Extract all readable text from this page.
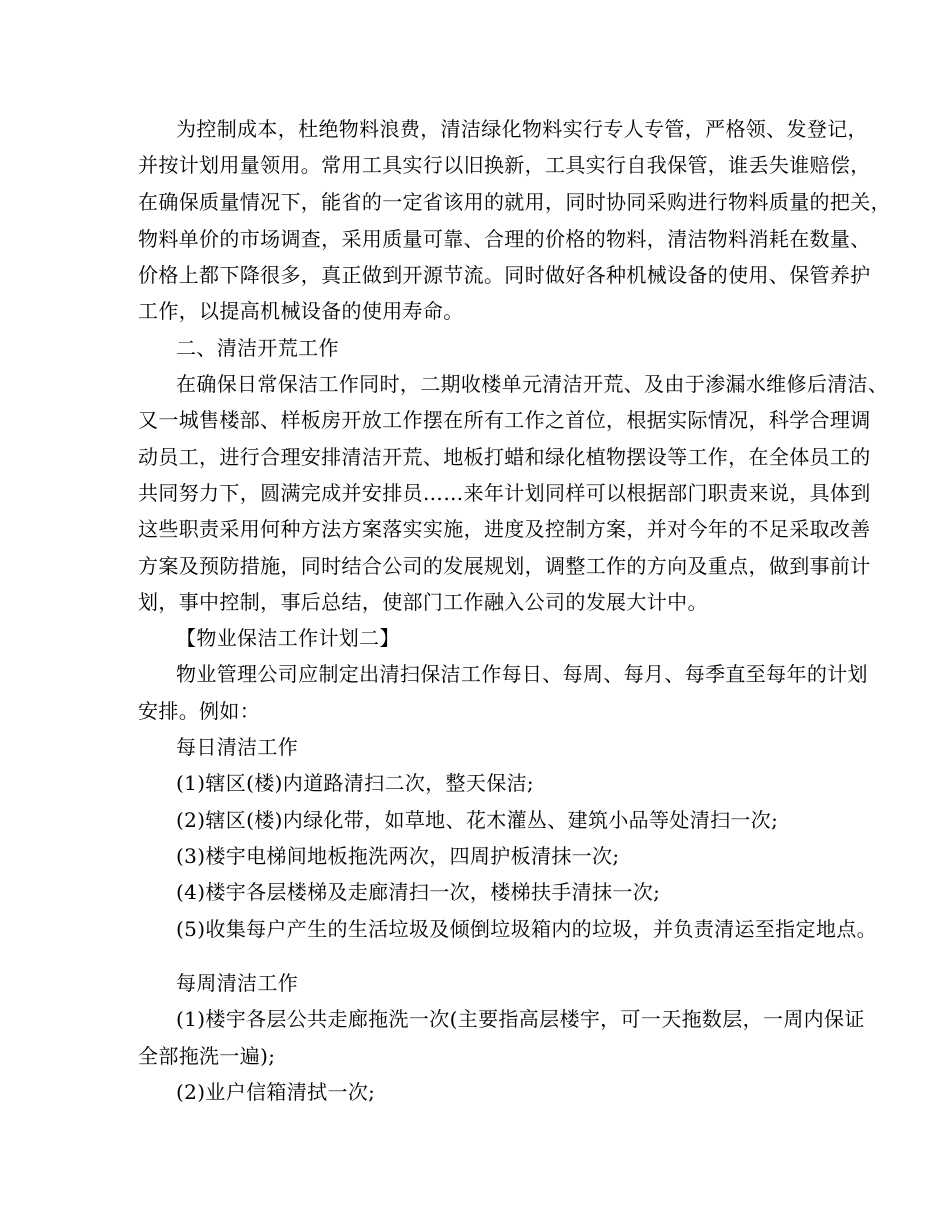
为控制成本，杜绝物料浪费，清洁绿化物料实行专人专管，严格领、发登记，
并按计划用量领用。常用工具实行以旧换新，工具实行自我保管，谁丢失谁赔偿，
在确保质量情况下，能省的一定省该用的就用，同时协同采购进行物料质量的把关，
物料单价的市场调查，采用质量可靠、合理的价格的物料，清洁物料消耗在数量、
价格上都下降很多，真正做到开源节流。同时做好各种机械设备的使用、保管养护
工作，以提高机械设备的使用寿命。
二、清洁开荒工作
在确保日常保洁工作同时，二期收楼单元清洁开荒、及由于渗漏水维修后清洁、
又一城售楼部、样板房开放工作摆在所有工作之首位，根据实际情况，科学合理调
动员工，进行合理安排清洁开荒、地板打蜡和绿化植物摆设等工作，在全体员工的
共同努力下，圆满完成并安排员……来年计划同样可以根据部门职责来说，具体到
这些职责采用何种方法方案落实实施，进度及控制方案，并对今年的不足采取改善
方案及预防措施，同时结合公司的发展规划，调整工作的方向及重点，做到事前计
划，事中控制，事后总结，使部门工作融入公司的发展大计中。
【物业保洁工作计划二】
物业管理公司应制定出清扫保洁工作每日、每周、每月、每季直至每年的计划
安排。例如：
每日清洁工作
(1)辖区(楼)内道路清扫二次，整天保洁;
(2)辖区(楼)内绿化带，如草地、花木灌丛、建筑小品等处清扫一次;
(3)楼宇电梯间地板拖洗两次，四周护板清抹一次;
(4)楼宇各层楼梯及走廊清扫一次，楼梯扶手清抹一次;
(5)收集每户产生的生活垃圾及倾倒垃圾箱内的垃圾，并负责清运至指定地点。
每周清洁工作
(1)楼宇各层公共走廊拖洗一次(主要指高层楼宇，可一天拖数层，一周内保证
全部拖洗一遍);
(2)业户信箱清拭一次;
